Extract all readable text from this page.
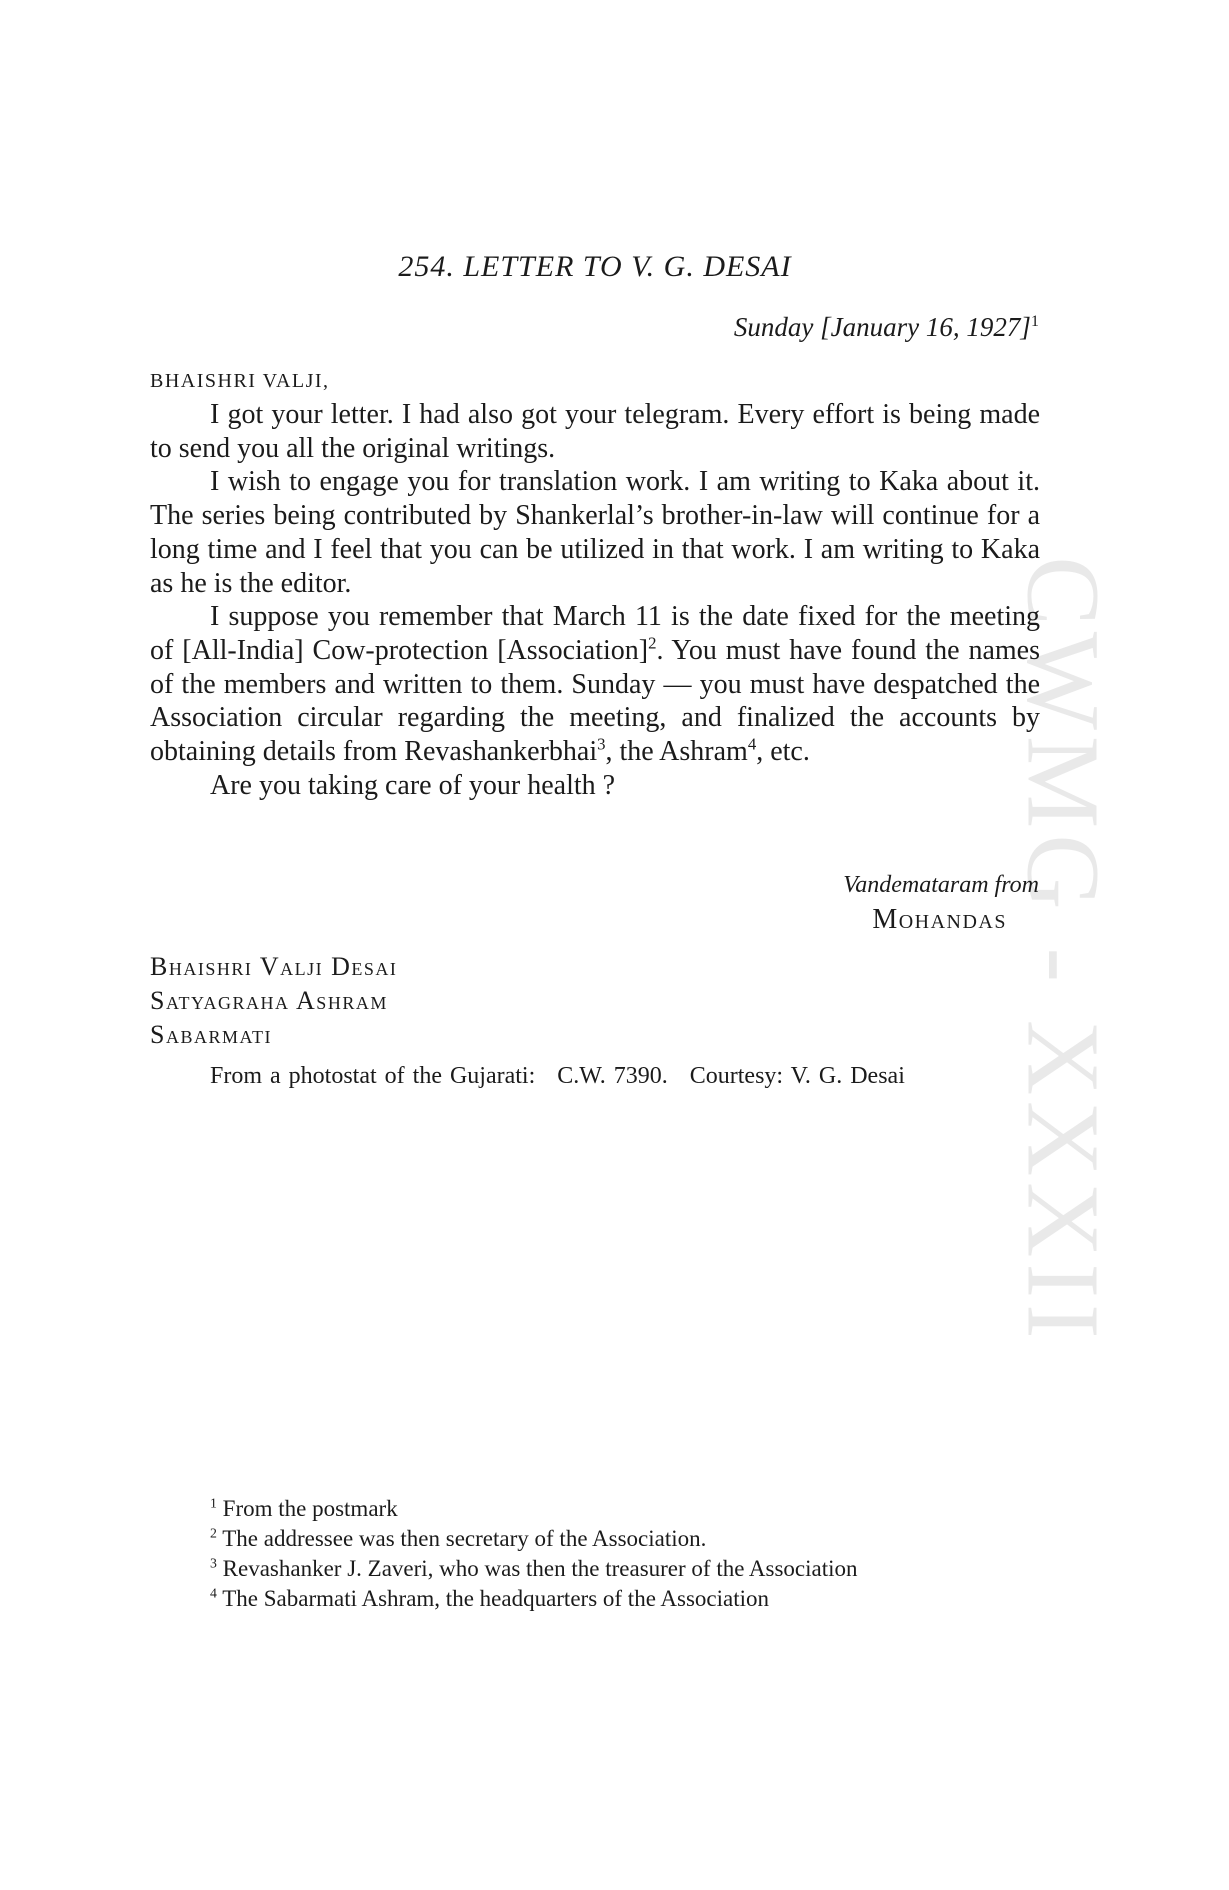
CWMG - XXXII
254. LETTER TO V. G. DESAI

Sunday [January 16, 1927]$^1$

BHAISHRI VALJI,

I got your letter. I had also got your telegram. Every effort is being made to send you all the original writings.

I wish to engage you for translation work. I am writing to Kaka about it. The series being contributed by Shankerlal’s brother-in-law will continue for a long time and I feel that you can be utilized in that work. I am writing to Kaka as he is the editor.

I suppose you remember that March 11 is the date fixed for the meeting of [All-India] Cow-protection [Association]$^2$. You must have found the names of the members and written to them. Sunday — you must have despatched the Association circular regarding the meeting, and finalized the accounts by obtaining details from Revashankerbhai$^3$, the Ashram$^4$, etc.

Are you taking care of your health ?

Vandemataram from

Mohandas

Bhaishri Valji Desai
Satyagraha Ashram
Sabarmati

From a photostat of the Gujarati: C.W. 7390. Courtesy: V. G. Desai

$^1$ From the postmark
$^2$ The addressee was then secretary of the Association.
$^3$ Revashanker J. Zaveri, who was then the treasurer of the Association
$^4$ The Sabarmati Ashram, the headquarters of the Association
